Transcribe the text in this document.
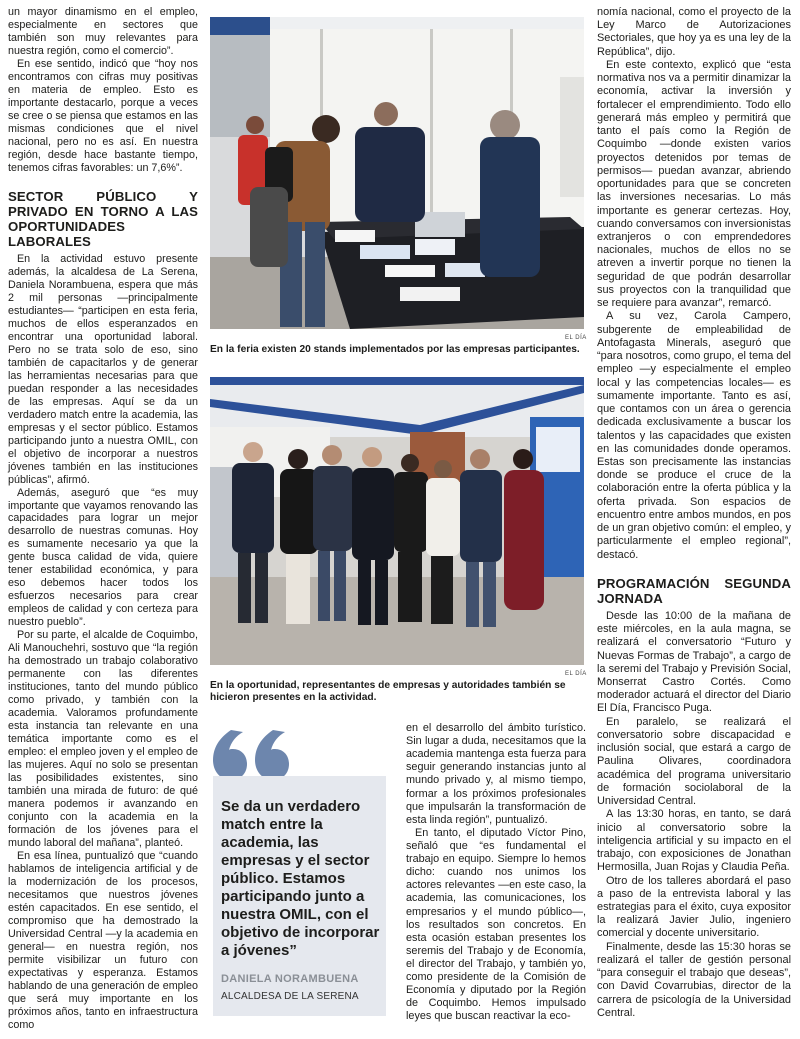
un mayor dinamismo en el empleo, especialmente en sectores que también son muy relevantes para nuestra región, como el comercio”.

En ese sentido, indicó que “hoy nos encontramos con cifras muy positivas en materia de empleo. Esto es importante destacarlo, porque a veces se cree o se piensa que estamos en las mismas condiciones que el nivel nacional, pero no es así. En nuestra región, desde hace bastante tiempo, tenemos cifras favorables: un 7,6%”.

SECTOR PÚBLICO Y PRIVADO EN TORNO A LAS OPORTUNIDADES LABORALES

En la actividad estuvo presente además, la alcaldesa de La Serena, Daniela Norambuena, espera que más 2 mil personas —principalmente estudiantes— “participen en esta feria, muchos de ellos esperanzados en encontrar una oportunidad laboral. Pero no se trata solo de eso, sino también de capacitarlos y de generar las herramientas necesarias para que puedan responder a las necesidades de las empresas. Aquí se da un verdadero match entre la academia, las empresas y el sector público. Estamos participando junto a nuestra OMIL, con el objetivo de incorporar a nuestros jóvenes también en las instituciones públicas”, afirmó.

Además, aseguró que “es muy importante que vayamos renovando las capacidades para lograr un mejor desarrollo de nuestras comunas. Hoy es sumamente necesario ya que la gente busca calidad de vida, quiere tener estabilidad económica, y para eso debemos hacer todos los esfuerzos necesarios para crear empleos de calidad y con certeza para nuestro pueblo”.

Por su parte, el alcalde de Coquimbo, Ali Manouchehri, sostuvo que “la región ha demostrado un trabajo colaborativo permanente con las diferentes instituciones, tanto del mundo público como privado, y también con la academia. Valoramos profundamente esta instancia tan relevante en una temática importante como es el empleo: el empleo joven y el empleo de las mujeres. Aquí no solo se presentan las posibilidades existentes, sino también una mirada de futuro: de qué manera podemos ir avanzando en conjunto con la academia en la formación de los jóvenes para el mundo laboral del mañana”, planteó.

En esa línea, puntualizó que “cuando hablamos de inteligencia artificial y de la modernización de los procesos, necesitamos que nuestros jóvenes estén capacitados. En ese sentido, el compromiso que ha demostrado la Universidad Central —y la academia en general— en nuestra región, nos permite visibilizar un futuro con expectativas y esperanza. Estamos hablando de una generación de empleo que será muy importante en los próximos años, tanto en infraestructura como

En la feria existen 20 stands implementados por las empresas participantes.
EL DÍA
EL DÍA
En la oportunidad, representantes de empresas y autoridades también se hicieron presentes en la actividad.
Se da un verdadero match entre la academia, las empresas y el sector público. Estamos participando junto a nuestra OMIL, con el objetivo de incorporar a jóvenes”
DANIELA NORAMBUENA
ALCALDESA DE LA SERENA

en el desarrollo del ámbito turístico. Sin lugar a duda, necesitamos que la academia mantenga esta fuerza para seguir generando instancias junto al mundo privado y, al mismo tiempo, formar a los próximos profesionales que impulsarán la transformación de esta linda región”, puntualizó.

En tanto, el diputado Víctor Pino, señaló que “es fundamental el trabajo en equipo. Siempre lo hemos dicho: cuando nos unimos los actores relevantes —en este caso, la academia, las comunicaciones, los empresarios y el mundo público—, los resultados son concretos. En esta ocasión estaban presentes los seremis del Trabajo y de Economía, el director del Trabajo, y también yo, como presidente de la Comisión de Economía y diputado por la Región de Coquimbo. Hemos impulsado leyes que buscan reactivar la eco-

nomía nacional, como el proyecto de la Ley Marco de Autorizaciones Sectoriales, que hoy ya es una ley de la República”, dijo.

En este contexto, explicó que “esta normativa nos va a permitir dinamizar la economía, activar la inversión y fortalecer el emprendimiento. Todo ello generará más empleo y permitirá que tanto el país como la Región de Coquimbo —donde existen varios proyectos detenidos por temas de permisos— puedan avanzar, abriendo oportunidades para que se concreten las inversiones necesarias. Lo más importante es generar certezas. Hoy, cuando conversamos con inversionistas extranjeros o con emprendedores nacionales, muchos de ellos no se atreven a invertir porque no tienen la seguridad de que podrán desarrollar sus proyectos con la tranquilidad que se requiere para avanzar”, remarcó.

A su vez, Carola Campero, subgerente de empleabilidad de Antofagasta Minerals, aseguró que “para nosotros, como grupo, el tema del empleo —y especialmente el empleo local y las competencias locales— es sumamente importante. Tanto es así, que contamos con un área o gerencia dedicada exclusivamente a buscar los talentos y las capacidades que existen en las comunidades donde operamos. Estas son precisamente las instancias donde se produce el cruce de la colaboración entre la oferta pública y la oferta privada. Son espacios de encuentro entre ambos mundos, en pos de un gran objetivo común: el empleo, y particularmente el empleo regional”, destacó.

PROGRAMACIÓN SEGUNDA JORNADA

Desde las 10:00 de la mañana de este miércoles, en la aula magna, se realizará el conversatorio “Futuro y Nuevas Formas de Trabajo”, a cargo de la seremi del Trabajo y Previsión Social, Monserrat Castro Cortés. Como moderador actuará el director del Diario El Día, Francisco Puga.

En paralelo, se realizará el conversatorio sobre discapacidad e inclusión social, que estará a cargo de Paulina Olivares, coordinadora académica del programa universitario de formación sociolaboral de la Universidad Central.

A las 13:30 horas, en tanto, se dará inicio al conversatorio sobre la inteligencia artificial y su impacto en el trabajo, con exposiciones de Jonathan Hermosilla, Juan Rojas y Claudia Peña.

Otro de los talleres abordará el paso a paso de la entrevista laboral y las estrategias para el éxito, cuya expositor la realizará Javier Julio, ingeniero comercial y docente universitario.

Finalmente, desde las 15:30 horas se realizará el taller de gestión personal “para conseguir el trabajo que deseas”, con David Covarrubias, director de la carrera de psicología de la Universidad Central.
